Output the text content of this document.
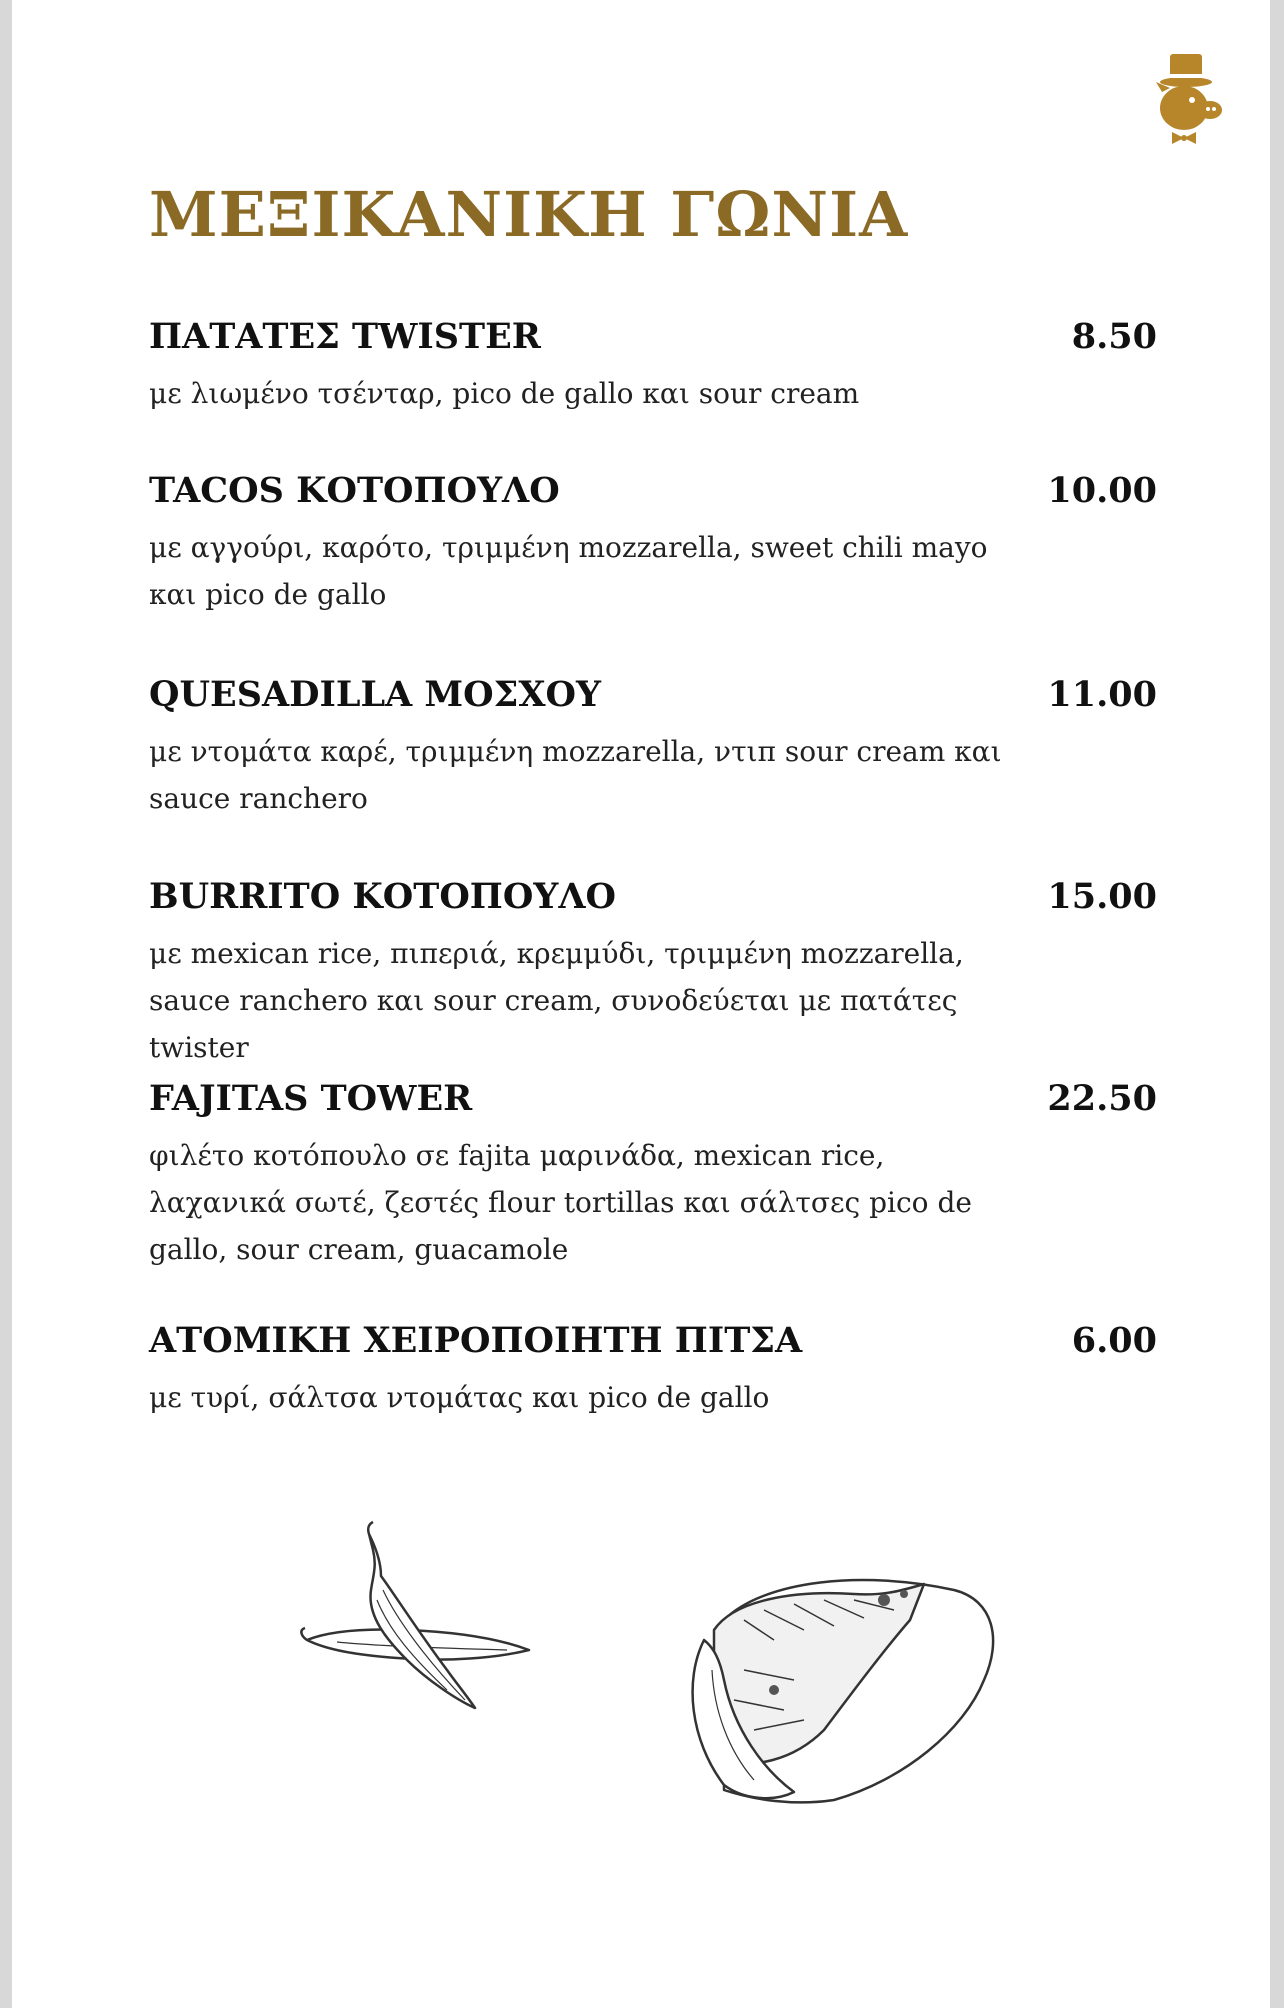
ΜΕΞΙΚΑΝΙΚΗ ΓΩΝΙΑ
ΠΑΤΑΤΕΣ TWISTER	8.50
με λιωμένο τσένταρ, pico de gallo και sour cream
TACOS ΚΟΤΟΠΟΥΛΟ	10.00
με αγγούρι, καρότο, τριμμένη mozzarella, sweet chili mayo και pico de gallo
QUESADILLA ΜΟΣΧΟΥ	11.00
με ντομάτα καρέ, τριμμένη mozzarella, ντιπ sour cream και sauce ranchero
BURRITO ΚΟΤΟΠΟΥΛΟ	15.00
με mexican rice, πιπεριά, κρεμμύδι, τριμμένη mozzarella, sauce ranchero και sour cream, συνοδεύεται με πατάτες twister
FAJITAS TOWER	22.50
φιλέτο κοτόπουλο σε fajita μαρινάδα, mexican rice, λαχανικά σωτέ, ζεστές flour tortillas και σάλτσες pico de gallo, sour cream, guacamole
ΑΤΟΜΙΚΗ ΧΕΙΡΟΠΟΙΗΤΗ ΠΙΤΣΑ	6.00
με τυρί, σάλτσα ντομάτας και pico de gallo
